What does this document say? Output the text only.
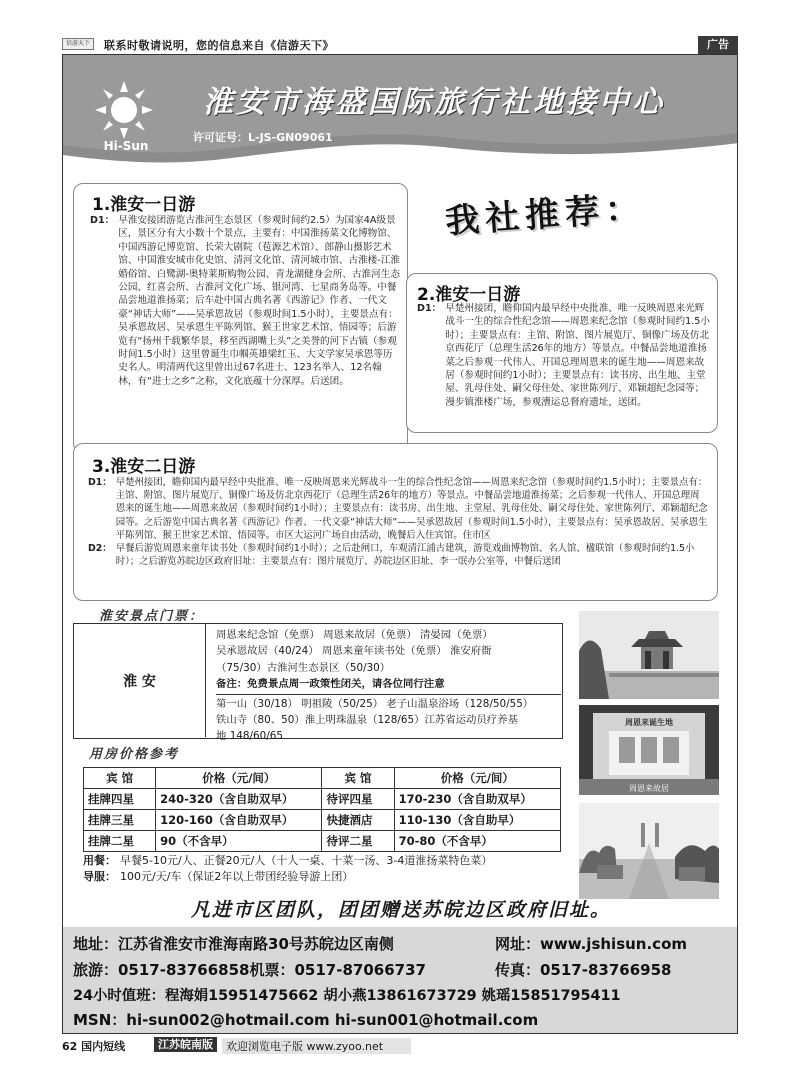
信游天下	联系时敬请说明，您的信息来自《信游天下》	广告
Hi-Sun
淮安市海盛国际旅行社地接中心
许可证号：L-JS-GN09061
1.淮安一日游
D1： 早淮安接团游览古淮河生态景区（参观时间约2.5）为国家4A级景区，景区分有大小数十个景点，主要有：中国淮扬菜文化博物馆、中国西游记博览馆、长荣大剧院（苞源艺术馆）、郎静山摄影艺术馆、中国淮安城市化史馆、清河文化馆、清河城市馆、古淮楼-江淮婚俗馆、白鹭湖-奥特莱斯购物公园、青龙湖健身会所、古淮河生态公园、红喜会所、古淮河文化广场、银河湾、七星商务岛等。中餐品尝地道淮扬菜；后车赴中国古典名著《西游记》作者、一代文豪“神话大师”——吴承恩故居（参观时间1.5小时），主要景点有：吴承恩故居、吴承恩生平陈列馆、猴王世家艺术馆、悟园等；后游览有“扬州千载繁华景，移至西湖嘴上头”之美誉的河下古镇（参观时间1.5小时）这里曾诞生巾帼英雄梁红玉、大文学家吴承恩等历史名人。明清两代这里曾出过67名进士、123名举人、12名翰林，有“进士之乡”之称，文化底蕴十分深厚。后送团。
我社推荐：
2.淮安一日游
D1： 早楚州接团，瞻仰国内最早经中央批准、唯一反映周恩来光辉战斗一生的综合性纪念馆——周恩来纪念馆（参观时间约1.5小时）；主要景点有：主馆、附馆、图片展览厅、铜像广场及仿北京西花厅（总理生活26年的地方）等景点。中餐品尝地道淮扬菜之后参观一代伟人、开国总理周恩来的诞生地——周恩来故居（参观时间约1小时）；主要景点有：读书房、出生地、主堂屋、乳母住处、嗣父母住处、家世陈列厅、邓颖超纪念园等；漫步镇淮楼广场，参观漕运总督府遗址，送团。
3.淮安二日游
D1： 早楚州接团，瞻仰国内最早经中央批准、唯一反映周恩来光辉战斗一生的综合性纪念馆——周恩来纪念馆（参观时间约1.5小时）；主要景点有：主馆、附馆、图片展览厅、铜像广场及仿北京西花厅（总理生活26年的地方）等景点。中餐品尝地道淮扬菜；之后参观一代伟人、开国总理周恩来的诞生地——周恩来故居（参观时间约1小时）；主要景点有：读书房、出生地、主堂屋、乳母住处、嗣父母住处、家世陈列厅、邓颖超纪念园等。之后游览中国古典名著《西游记》作者、一代文豪“神话大师”——吴承恩故居（参观时间1.5小时），主要景点有：吴承恩故居、吴承恩生平陈列馆、猴王世家艺术馆、悟园等。市区大运河广场自由活动，晚餐后入住宾馆。住市区
D2： 早餐后游览周恩来童年读书处（参观时间约1小时）；之后赴闸口，车观清江浦古建筑，游览戏曲博物馆、名人馆、楹联馆（参观时间约1.5小时）；之后游览苏皖边区政府旧址：主要景点有：图片展览厅、苏皖边区旧址、李一氓办公室等，中餐后送团
淮安景点门票：
淮 安
周恩来纪念馆（免票） 周恩来故居（免票） 清晏园（免票）
吴承恩故居（40/24） 周恩来童年读书处（免票） 淮安府衙
（75/30）古淮河生态景区（50/30）
备注：免费景点周一政策性闭关，请各位同行注意
第一山（30/18） 明祖陵（50/25） 老子山温泉浴场（128/50/55）
铁山寺（80、50）淮上明珠温泉（128/65）江苏省运动员疗养基
地 148/60/65
周恩来诞生地
周恩来故居
用房价格参考
宾 馆	价格（元/间）	宾 馆	价格（元/间）
挂牌四星	240-320（含自助双早）	待评四星	170-230（含自助双早）
挂牌三星	120-160（含自助双早）	快捷酒店	110-130（含自助早）
挂牌二星	90（不含早）	待评二星	70-80（不含早）
用餐： 早餐5-10元/人、正餐20元/人（十人一桌、十菜一汤、3-4道淮扬菜特色菜）
导服： 100元/天/车（保证2年以上带团经验导游上团）
凡进市区团队，团团赠送苏皖边区政府旧址。
地址：江苏省淮安市淮海南路30号苏皖边区南侧	网址：www.jshisun.com
旅游：0517-83766858机票：0517-87066737	传真：0517-83766958
24小时值班：程海娟15951475662 胡小燕13861673729 姚瑶15851795411
MSN：hi-sun002@hotmail.com hi-sun001@hotmail.com
62 国内短线	江苏皖南版	欢迎浏览电子版 www.zyoo.net
